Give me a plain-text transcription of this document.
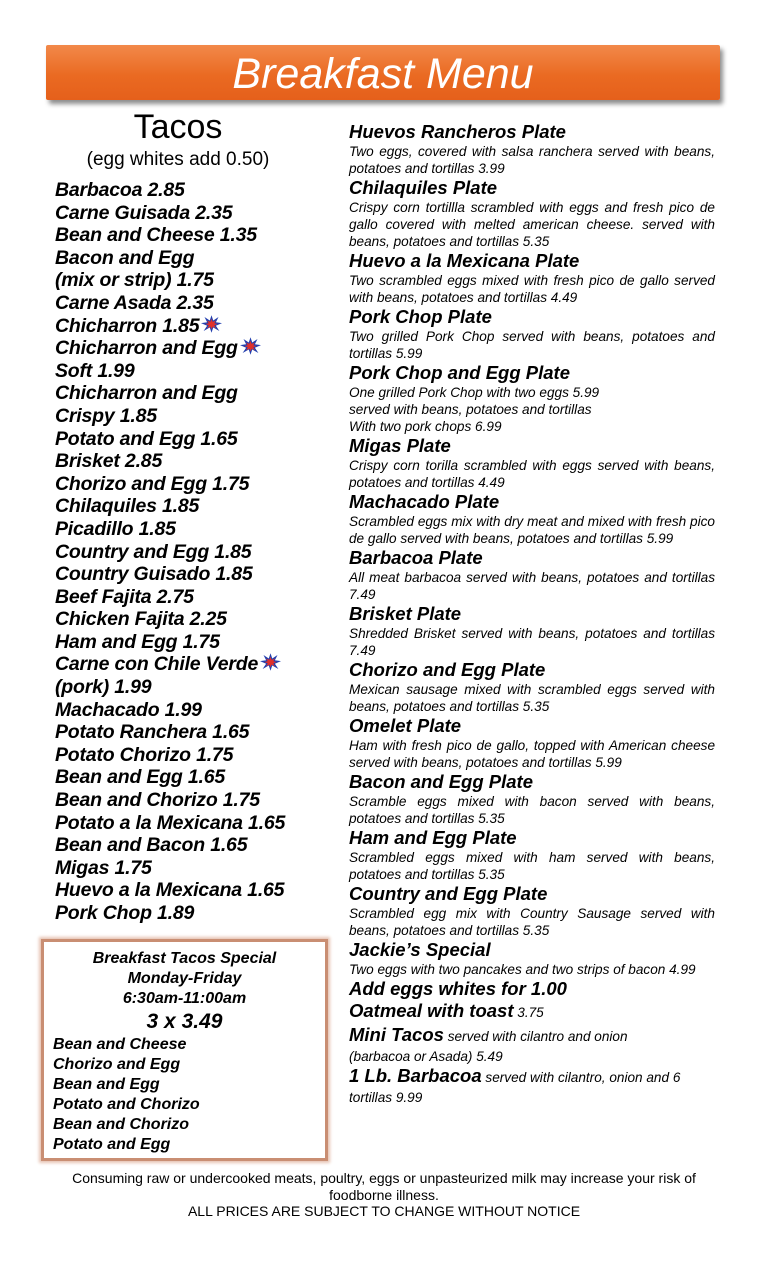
Breakfast Menu
Tacos
(egg whites add 0.50)
Barbacoa 2.85
Carne Guisada 2.35
Bean and Cheese 1.35
Bacon and Egg
(mix or strip) 1.75
Carne Asada 2.35
Chicharron 1.85
Chicharron and Egg
Soft 1.99
Chicharron and Egg
Crispy 1.85
Potato and Egg 1.65
Brisket 2.85
Chorizo and Egg 1.75
Chilaquiles 1.85
Picadillo 1.85
Country and Egg 1.85
Country Guisado 1.85
Beef Fajita 2.75
Chicken Fajita 2.25
Ham and Egg 1.75
Carne con Chile Verde
(pork) 1.99
Machacado 1.99
Potato Ranchera 1.65
Potato Chorizo 1.75
Bean and Egg 1.65
Bean and Chorizo 1.75
Potato a la Mexicana 1.65
Bean and Bacon 1.65
Migas 1.75
Huevo a la Mexicana 1.65
Pork Chop 1.89
Breakfast Tacos Special
Monday-Friday
6:30am-11:00am
3 x 3.49
Bean and Cheese
Chorizo and Egg
Bean and Egg
Potato and Chorizo
Bean and Chorizo
Potato and Egg
Huevos Rancheros Plate
Two eggs, covered with salsa ranchera served with beans, potatoes and tortillas 3.99
Chilaquiles Plate
Crispy corn tortillla scrambled with eggs and fresh pico de gallo covered with melted american cheese. served with beans, potatoes and tortillas 5.35
Huevo a la Mexicana Plate
Two scrambled eggs mixed with fresh pico de gallo served with beans, potatoes and tortillas 4.49
Pork Chop Plate
Two grilled Pork Chop served with beans, potatoes and tortillas 5.99
Pork Chop and Egg Plate
One grilled Pork Chop with two eggs 5.99
served with beans, potatoes and tortillas
With two pork chops 6.99
Migas Plate
Crispy corn torilla scrambled with eggs served with beans, potatoes and tortillas 4.49
Machacado Plate
Scrambled eggs mix with dry meat and mixed with fresh pico de gallo served with beans, potatoes and tortillas 5.99
Barbacoa Plate
All meat barbacoa served with beans, potatoes and tortillas 7.49
Brisket Plate
Shredded Brisket served with beans, potatoes and tortillas 7.49
Chorizo and Egg Plate
Mexican sausage mixed with scrambled eggs served with beans, potatoes and tortillas 5.35
Omelet Plate
Ham with fresh pico de gallo, topped with American cheese served with beans, potatoes and tortillas 5.99
Bacon and Egg Plate
Scramble eggs mixed with bacon served with beans, potatoes and tortillas 5.35
Ham and Egg Plate
Scrambled eggs mixed with ham served with beans, potatoes and tortillas 5.35
Country and Egg Plate
Scrambled egg mix with Country Sausage served with beans, potatoes and tortillas 5.35
Jackie’s Special
Two eggs with two pancakes and two strips of bacon 4.99
Add eggs whites for 1.00
Oatmeal with toast 3.75
Mini Tacos served with cilantro and onion
(barbacoa or Asada) 5.49
1 Lb. Barbacoa served with cilantro, onion and 6
tortillas 9.99
Consuming raw or undercooked meats, poultry, eggs or unpasteurized milk may increase your risk of foodborne illness.
ALL PRICES ARE SUBJECT TO CHANGE WITHOUT NOTICE
